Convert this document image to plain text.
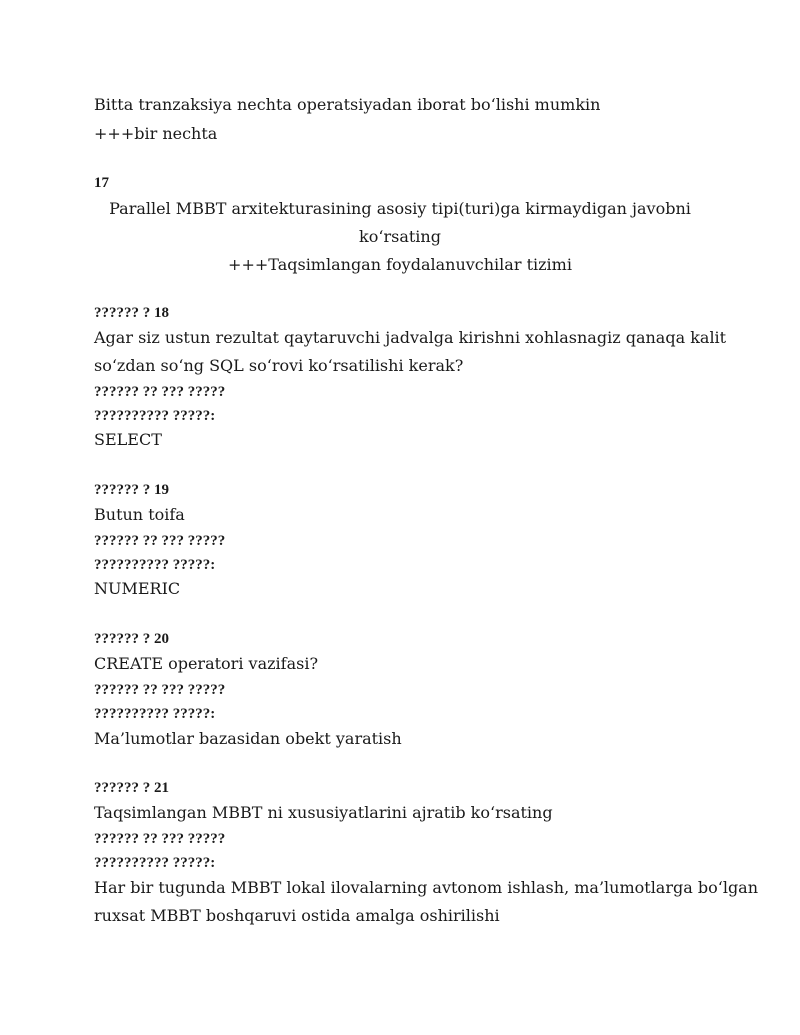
Bitta tranzaksiya nechta operatsiyadan iborat bo‘lishi mumkin
+++bir nechta
17
Parallel MBBT arxitekturasining asosiy tipi(turi)ga kirmaydigan javobni
ko‘rsating
+++Taqsimlangan foydalanuvchilar tizimi
?????? ? 18
Agar siz ustun rezultat qaytaruvchi jadvalga kirishni xohlasnagiz qanaqa kalit
so‘zdan so‘ng SQL so‘rovi ko‘rsatilishi kerak?
?????? ?? ??? ?????
?????????? ?????:
SELECT
?????? ? 19
Butun toifa
?????? ?? ??? ?????
?????????? ?????:
NUMERIC
?????? ? 20
CREATE operatori vazifasi?
?????? ?? ??? ?????
?????????? ?????:
Ma’lumotlar bazasidan obekt yaratish
?????? ? 21
Taqsimlangan MBBT ni xususiyatlarini ajratib ko‘rsating
?????? ?? ??? ?????
?????????? ?????:
Har bir tugunda MBBT lokal ilovalarning avtonom ishlash, ma’lumotlarga bo‘lgan
ruxsat MBBT boshqaruvi ostida amalga oshirilishi
